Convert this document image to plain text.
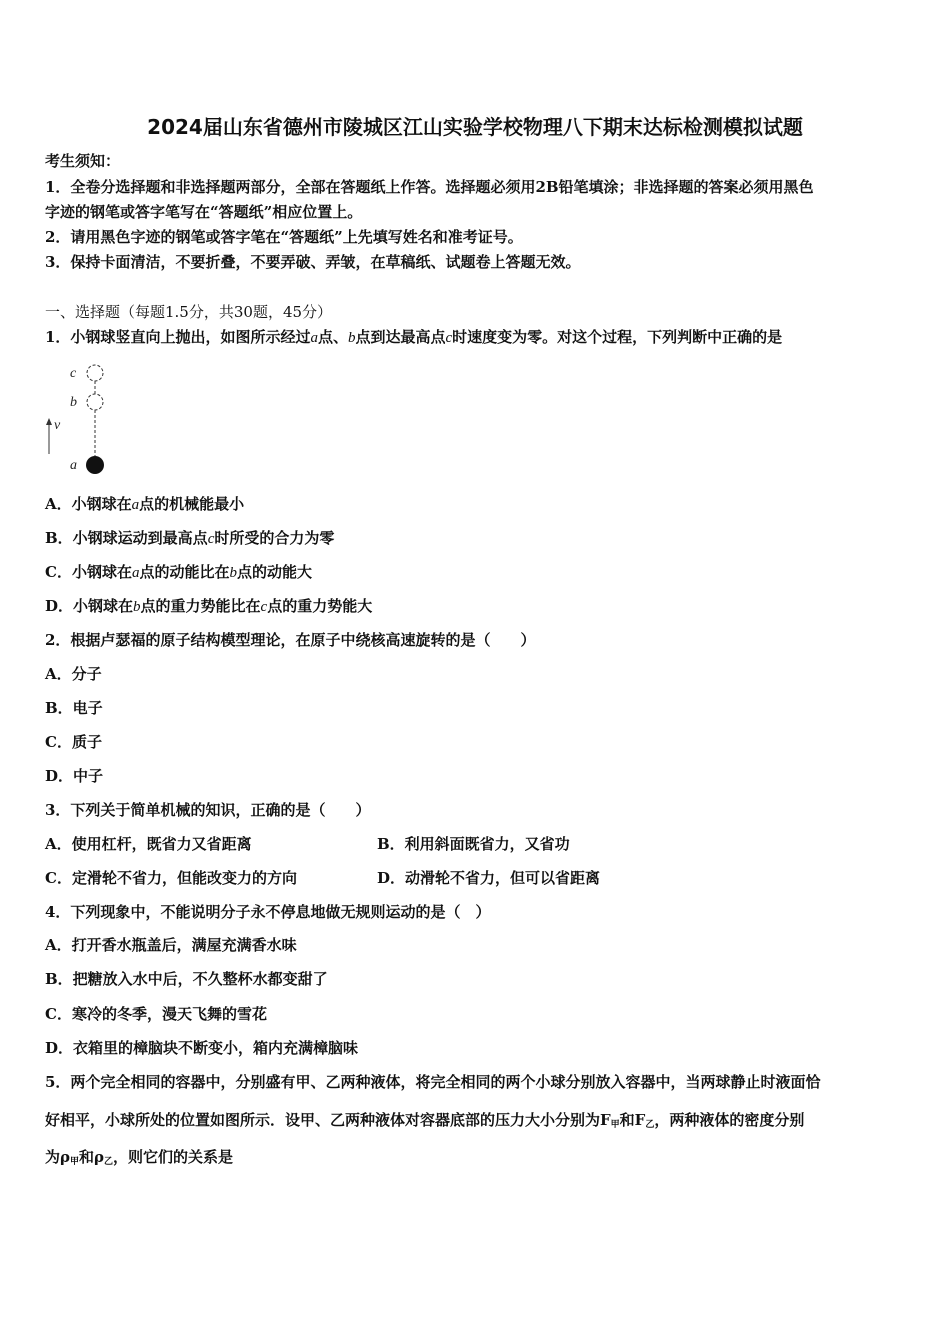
2024届山东省德州市陵城区江山实验学校物理八下期末达标检测模拟试题
考生须知：
1．全卷分选择题和非选择题两部分，全部在答题纸上作答。选择题必须用2B铅笔填涂；非选择题的答案必须用黑色
字迹的钢笔或答字笔写在“答题纸”相应位置上。
2．请用黑色字迹的钢笔或答字笔在“答题纸”上先填写姓名和准考证号。
3．保持卡面清洁，不要折叠，不要弄破、弄皱，在草稿纸、试题卷上答题无效。
一、选择题（每题1.5分，共30题，45分）
1．小钢球竖直向上抛出，如图所示经过a点、b点到达最高点c时速度变为零。对这个过程，下列判断中正确的是
c
b
v
a
A．小钢球在a点的机械能最小
B．小钢球运动到最高点c时所受的合力为零
C．小钢球在a点的动能比在b点的动能大
D．小钢球在b点的重力势能比在c点的重力势能大
2．根据卢瑟福的原子结构模型理论，在原子中绕核高速旋转的是（　　）
A．分子
B．电子
C．质子
D．中子
3．下列关于简单机械的知识，正确的是（　　）
A．使用杠杆，既省力又省距离	B．利用斜面既省力，又省功
C．定滑轮不省力，但能改变力的方向	D．动滑轮不省力，但可以省距离
4．下列现象中，不能说明分子永不停息地做无规则运动的是（　）
A．打开香水瓶盖后，满屋充满香水味
B．把糖放入水中后，不久整杯水都变甜了
C．寒冷的冬季，漫天飞舞的雪花
D．衣箱里的樟脑块不断变小，箱内充满樟脑味
5．两个完全相同的容器中，分别盛有甲、乙两种液体，将完全相同的两个小球分别放入容器中，当两球静止时液面恰
好相平，小球所处的位置如图所示．设甲、乙两种液体对容器底部的压力大小分别为$F_甲$和$F_乙$，两种液体的密度分别
为$\rho_甲$和$\rho_乙$，则它们的关系是
